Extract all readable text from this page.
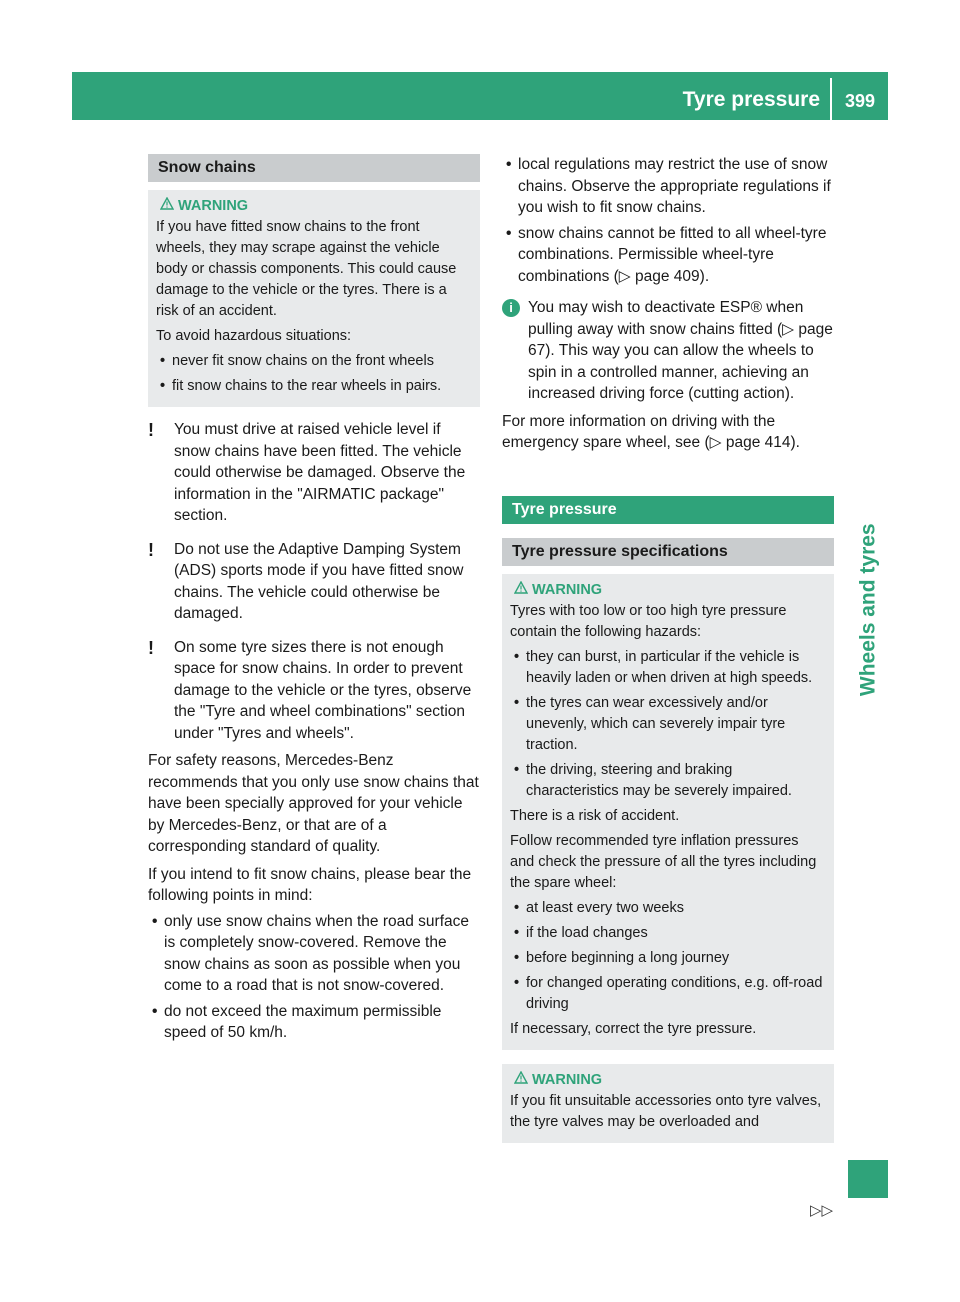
Tyre pressure	399
Wheels and tyres
Snow chains
WARNING

If you have fitted snow chains to the front wheels, they may scrape against the vehicle body or chassis components. This could cause damage to the vehicle or the tyres. There is a risk of an accident.

To avoid hazardous situations:

• never fit snow chains on the front wheels
• fit snow chains to the rear wheels in pairs.
! You must drive at raised vehicle level if snow chains have been fitted. The vehicle could otherwise be damaged. Observe the information in the "AIRMATIC package" section.
! Do not use the Adaptive Damping System (ADS) sports mode if you have fitted snow chains. The vehicle could otherwise be damaged.
! On some tyre sizes there is not enough space for snow chains. In order to prevent damage to the vehicle or the tyres, observe the "Tyre and wheel combinations" section under "Tyres and wheels".

For safety reasons, Mercedes-Benz recommends that you only use snow chains that have been specially approved for your vehicle by Mercedes-Benz, or that are of a corresponding standard of quality.

If you intend to fit snow chains, please bear the following points in mind:

• only use snow chains when the road surface is completely snow-covered. Remove the snow chains as soon as possible when you come to a road that is not snow-covered.
• do not exceed the maximum permissible speed of 50 km/h.
• local regulations may restrict the use of snow chains. Observe the appropriate regulations if you wish to fit snow chains.
• snow chains cannot be fitted to all wheel-tyre combinations. Permissible wheel-tyre combinations (▷ page 409).
i You may wish to deactivate ESP® when pulling away with snow chains fitted (▷ page 67). This way you can allow the wheels to spin in a controlled manner, achieving an increased driving force (cutting action).

For more information on driving with the emergency spare wheel, see (▷ page 414).

Tyre pressure
Tyre pressure specifications
WARNING

Tyres with too low or too high tyre pressure contain the following hazards:

• they can burst, in particular if the vehicle is heavily laden or when driven at high speeds.
• the tyres can wear excessively and/or unevenly, which can severely impair tyre traction.
• the driving, steering and braking characteristics may be severely impaired.

There is a risk of accident.

Follow recommended tyre inflation pressures and check the pressure of all the tyres including the spare wheel:

• at least every two weeks
• if the load changes
• before beginning a long journey
• for changed operating conditions, e.g. off-road driving

If necessary, correct the tyre pressure.

WARNING

If you fit unsuitable accessories onto tyre valves, the tyre valves may be overloaded and

▷▷
